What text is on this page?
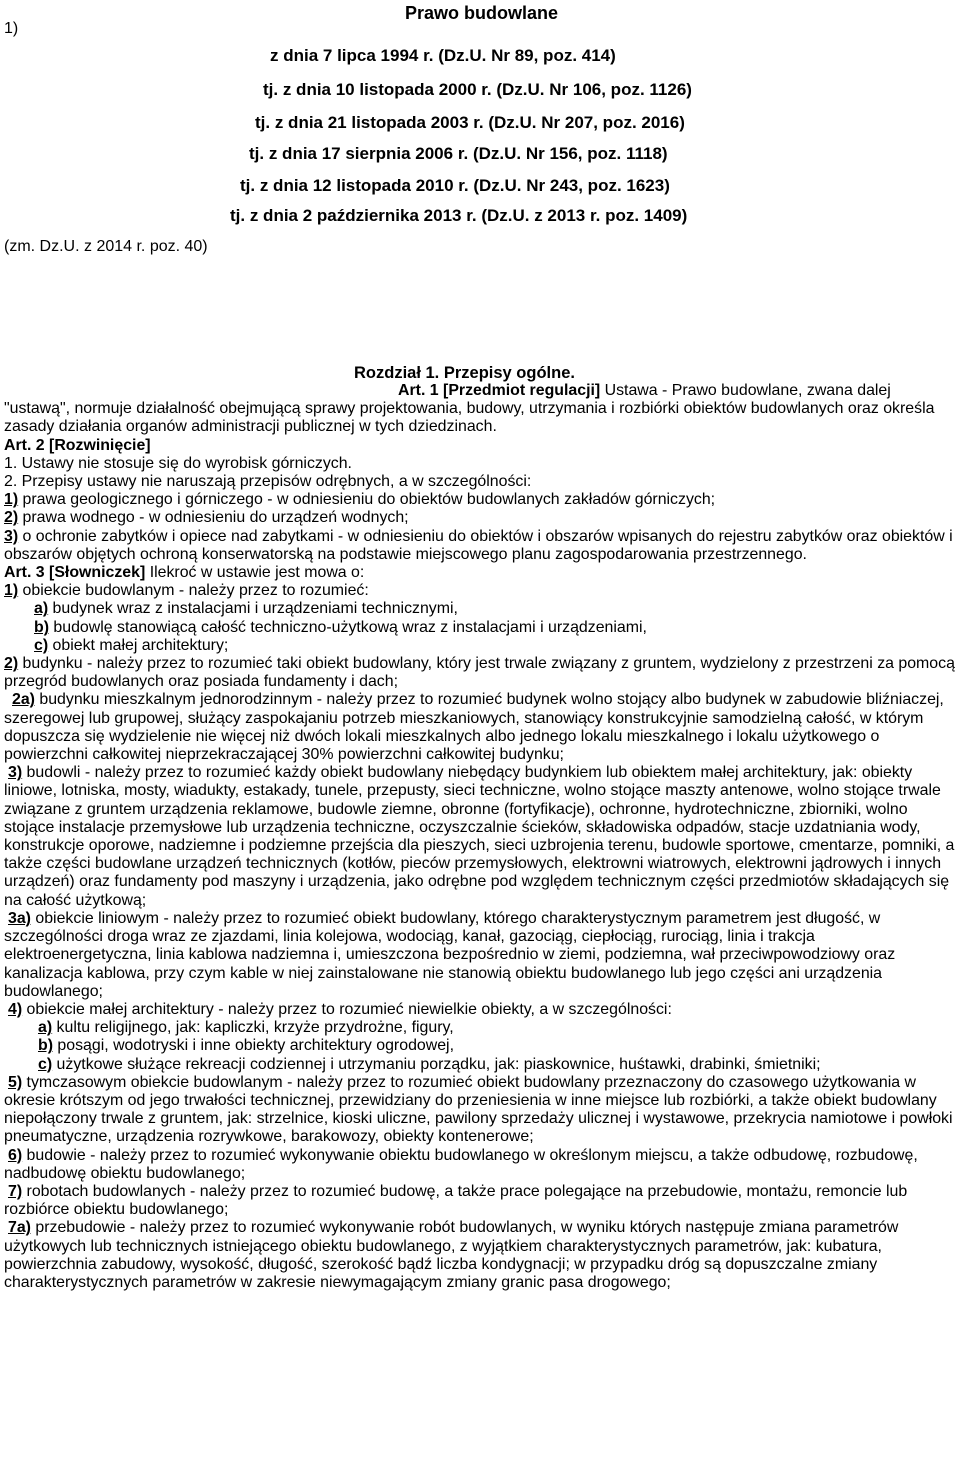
1)
Prawo budowlane
z dnia 7 lipca 1994 r. (Dz.U. Nr 89, poz. 414)
tj. z dnia 10 listopada 2000 r. (Dz.U. Nr 106, poz. 1126)
tj. z dnia 21 listopada 2003 r. (Dz.U. Nr 207, poz. 2016)
tj. z dnia 17 sierpnia 2006 r. (Dz.U. Nr 156, poz. 1118)
tj. z dnia 12 listopada 2010 r. (Dz.U. Nr 243, poz. 1623)
tj. z dnia 2 października 2013 r. (Dz.U. z 2013 r. poz. 1409)
(zm. Dz.U. z 2014 r. poz. 40)
Rozdział 1. Przepisy ogólne.

Art. 1 [Przedmiot regulacji] Ustawa - Prawo budowlane, zwana dalej "ustawą", normuje działalność obejmującą sprawy projektowania, budowy, utrzymania i rozbiórki obiektów budowlanych oraz określa zasady działania organów administracji publicznej w tych dziedzinach.

Art. 2 [Rozwinięcie]

1. Ustawy nie stosuje się do wyrobisk górniczych.

2. Przepisy ustawy nie naruszają przepisów odrębnych, a w szczególności:

1) prawa geologicznego i górniczego - w odniesieniu do obiektów budowlanych zakładów górniczych;

2) prawa wodnego - w odniesieniu do urządzeń wodnych;

3) o ochronie zabytków i opiece nad zabytkami - w odniesieniu do obiektów i obszarów wpisanych do rejestru zabytków oraz obiektów i obszarów objętych ochroną konserwatorską na podstawie miejscowego planu zagospodarowania przestrzennego.

Art. 3 [Słowniczek] Ilekroć w ustawie jest mowa o:

1) obiekcie budowlanym - należy przez to rozumieć:

a) budynek wraz z instalacjami i urządzeniami technicznymi,

b) budowlę stanowiącą całość techniczno-użytkową wraz z instalacjami i urządzeniami,

c) obiekt małej architektury;

2) budynku - należy przez to rozumieć taki obiekt budowlany, który jest trwale związany z gruntem, wydzielony z przestrzeni za pomocą przegród budowlanych oraz posiada fundamenty i dach;

2a) budynku mieszkalnym jednorodzinnym - należy przez to rozumieć budynek wolno stojący albo budynek w zabudowie bliźniaczej, szeregowej lub grupowej, służący zaspokajaniu potrzeb mieszkaniowych, stanowiący konstrukcyjnie samodzielną całość, w którym dopuszcza się wydzielenie nie więcej niż dwóch lokali mieszkalnych albo jednego lokalu mieszkalnego i lokalu użytkowego o powierzchni całkowitej nieprzekraczającej 30% powierzchni całkowitej budynku;

3) budowli - należy przez to rozumieć każdy obiekt budowlany niebędący budynkiem lub obiektem małej architektury, jak: obiekty liniowe, lotniska, mosty, wiadukty, estakady, tunele, przepusty, sieci techniczne, wolno stojące maszty antenowe, wolno stojące trwale związane z gruntem urządzenia reklamowe, budowle ziemne, obronne (fortyfikacje), ochronne, hydrotechniczne, zbiorniki, wolno stojące instalacje przemysłowe lub urządzenia techniczne, oczyszczalnie ścieków, składowiska odpadów, stacje uzdatniania wody, konstrukcje oporowe, nadziemne i podziemne przejścia dla pieszych, sieci uzbrojenia terenu, budowle sportowe, cmentarze, pomniki, a także części budowlane urządzeń technicznych (kotłów, pieców przemysłowych, elektrowni wiatrowych, elektrowni jądrowych i innych urządzeń) oraz fundamenty pod maszyny i urządzenia, jako odrębne pod względem technicznym części przedmiotów składających się na całość użytkową;

3a) obiekcie liniowym - należy przez to rozumieć obiekt budowlany, którego charakterystycznym parametrem jest długość, w szczególności droga wraz ze zjazdami, linia kolejowa, wodociąg, kanał, gazociąg, ciepłociąg, rurociąg, linia i trakcja elektroenergetyczna, linia kablowa nadziemna i, umieszczona bezpośrednio w ziemi, podziemna, wał przeciwpowodziowy oraz kanalizacja kablowa, przy czym kable w niej zainstalowane nie stanowią obiektu budowlanego lub jego części ani urządzenia budowlanego;

4) obiekcie małej architektury - należy przez to rozumieć niewielkie obiekty, a w szczególności:

a) kultu religijnego, jak: kapliczki, krzyże przydrożne, figury,

b) posągi, wodotryski i inne obiekty architektury ogrodowej,

c) użytkowe służące rekreacji codziennej i utrzymaniu porządku, jak: piaskownice, huśtawki, drabinki, śmietniki;

5) tymczasowym obiekcie budowlanym - należy przez to rozumieć obiekt budowlany przeznaczony do czasowego użytkowania w okresie krótszym od jego trwałości technicznej, przewidziany do przeniesienia w inne miejsce lub rozbiórki, a także obiekt budowlany niepołączony trwale z gruntem, jak: strzelnice, kioski uliczne, pawilony sprzedaży ulicznej i wystawowe, przekrycia namiotowe i powłoki pneumatyczne, urządzenia rozrywkowe, barakowozy, obiekty kontenerowe;

6) budowie - należy przez to rozumieć wykonywanie obiektu budowlanego w określonym miejscu, a także odbudowę, rozbudowę, nadbudowę obiektu budowlanego;

7) robotach budowlanych - należy przez to rozumieć budowę, a także prace polegające na przebudowie, montażu, remoncie lub rozbiórce obiektu budowlanego;

7a) przebudowie - należy przez to rozumieć wykonywanie robót budowlanych, w wyniku których następuje zmiana parametrów użytkowych lub technicznych istniejącego obiektu budowlanego, z wyjątkiem charakterystycznych parametrów, jak: kubatura, powierzchnia zabudowy, wysokość, długość, szerokość bądź liczba kondygnacji; w przypadku dróg są dopuszczalne zmiany charakterystycznych parametrów w zakresie niewymagającym zmiany granic pasa drogowego;
